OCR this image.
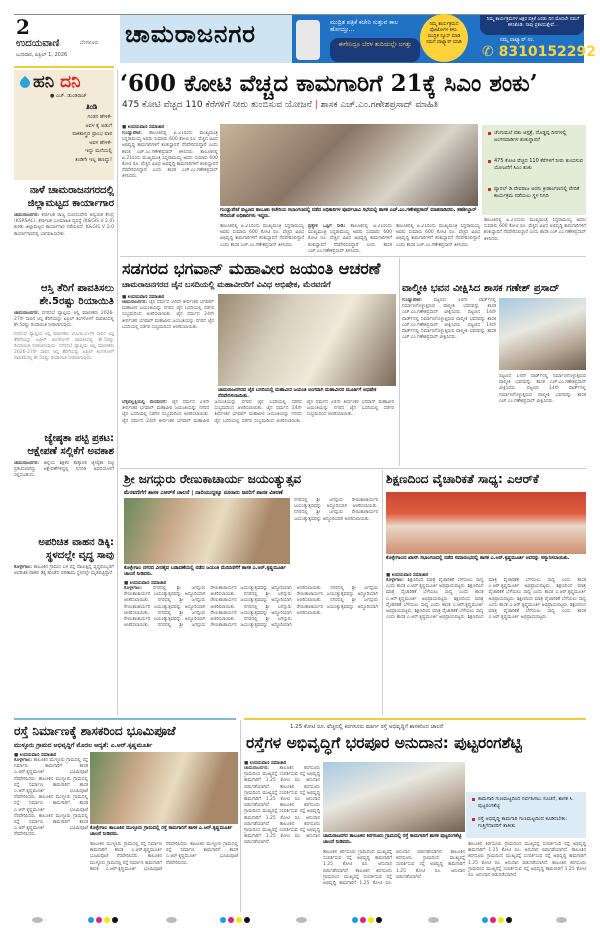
2
ಉದಯವಾಣಿ	ಬೆಂಗಳೂರು
ಬುಧವಾರ, ಏಪ್ರಿಲ್ 1, 2026
ಚಾಮರಾಜನಗರ	ಮುದ್ರಿತ ಪತ್ರಿಕೆ ಕಚೇರಿ ಸುತ್ತುವ ಕಾಲ ಹೋಯ್ತು...
ಈಗೇನಿದ್ರೂ ಬೆರಳ ತುದಿಯಲ್ಲೇ ಜಗತ್ತು
ನಿಮ್ಮ ಕಾರ್ಯಕ್ರಮದ ಫೋಟೋಗಳ ಕಳಿಸಿ. ಮುದ್ರಿತ ನ್ಯೂಸ್ ಮಾಡಿ ನಮಗೆ ವಾಟ್ಸ್ಯಾಪ್ ಮಾಡಿ
ನಿಮ್ಮ ಕಾರ್ಯಕ್ರಮಗಳ ಅಕ್ಷರ ಪತ್ರಿಕೆ ಎರಡು ದಿನ ಮೊದಲೇ ನಮಗೆ ಕಳಿಸಿಕೊಡಿ. ನಾವು ಪ್ರಕಟಿಸುತ್ತೇವೆ...
ನಮ್ಮ ವಾಟ್ಸ್ಯಾಪ್ ನಂ.
✆ 8310152292
ಹನಿ ದನಿ
● ಎಚ್. ಡುಂಡಿರಾಜ್
ತಿಂಡಿ
ಗಂಡನ ಹೇಳಿಕೆ-
ಅವಳ ಕೈ ಅಡುಗೆ
ಪಾಕಶಾಸ್ತ್ರದ ಪ್ರಾಂಭ ಪಾಠ
ಅವಳ ಹೇಳಿಕೆ-
ಇದ್ದು ಮನೆಯಲ್ಲಿ
ತಿಂಡಿಗೇ ಇಲ್ಲ ಹಣದ್ದು!
ನಾಳೆ ಚಾಮರಾಜನಗರದಲ್ಲಿ ಜಿಲ್ಲಾಮಟ್ಟದ ಕಾರ್ಯಾಗಾರ
ಚಾಮರಾಜನಗರ: ಕರ್ನಾಟಕ ರಾಜ್ಯ ದೂರಸಂವೇದಿ ಅನ್ವಯಿಕ ಕೇಂದ್ರ (KSRSAC), ಕರ್ನಾಟಕ ಭೂಮಾಹಿತಿ ವ್ಯವಸ್ಥೆ (K&GIS V 2.0) ಕುರಿತು ಜಿಲ್ಲಾಮಟ್ಟದ ಕಾರ್ಯಾಗಾರ ನಡೆಯಲಿದೆ. K&GIS V 2.0 ಕಾರ್ಯಾಗಾರದಲ್ಲಿ ಭಾಗವಹಿಸಬೇಕು.
ಆಸ್ತಿ ತೆರಿಗೆ ಪಾವತಿಸಲು ಶೇ.5ರಷ್ಟು ರಿಯಾಯಿತಿ
ಚಾಮರಾಜನಗರ: ನಗರಸಭೆ ವ್ಯಾಪ್ತಿಯ ಆಸ್ತಿ ಮಾಲೀಕರು 2026-27ನೇ ಸಾಲಿನ ಆಸ್ತಿ ತೆರಿಗೆಯನ್ನು ಏಪ್ರಿಲ್ ತಿಂಗಳೊಳಗೆ ಪಾವತಿಸಿದಲ್ಲಿ ಶೇ.5ರಷ್ಟು ರಿಯಾಯಿತಿ ನೀಡಲಾಗುವುದು.
ನಗರಸಭೆ ವ್ಯಾಪ್ತಿಯ ಆಸ್ತಿ ಮಾಲೀಕರು 2026-27ನೇ ಸಾಲಿನ ಆಸ್ತಿ ತೆರಿಗೆಯನ್ನು ಏಪ್ರಿಲ್ ತಿಂಗಳೊಳಗೆ ಪಾವತಿಸಿದಲ್ಲಿ ಶೇ.5ರಷ್ಟು ರಿಯಾಯಿತಿ ನೀಡಲಾಗುವುದು. ನಗರಸಭೆ ವ್ಯಾಪ್ತಿಯ ಆಸ್ತಿ ಮಾಲೀಕರು 2026-27ನೇ ಸಾಲಿನ ಆಸ್ತಿ ತೆರಿಗೆಯನ್ನು ಏಪ್ರಿಲ್ ತಿಂಗಳೊಳಗೆ ಪಾವತಿಸಿದಲ್ಲಿ ಶೇ.5ರಷ್ಟು ರಿಯಾಯಿತಿ ನೀಡಲಾಗುವುದು.
ಜ್ಯೇಷ್ಠತಾ ಪಟ್ಟಿ ಪ್ರಕಟ: ಆಕ್ಷೇಪಣೆ ಸಲ್ಲಿಕೆಗೆ ಅವಕಾಶ
ಚಾಮರಾಜನಗರ: ಜಿಲ್ಲೆಯ ಶಿಕ್ಷಕರ ತಾತ್ಕಾಲಿಕ ಜ್ಯೇಷ್ಠತಾ ಪಟ್ಟಿ ಪ್ರಕಟಿಸಲಾಗಿದ್ದು ಆಕ್ಷೇಪಣೆಗಳಿದ್ದಲ್ಲಿ ನಿಗದಿತ ಅವಧಿಯೊಳಗೆ ಸಲ್ಲಿಸಬಹುದು.
ಅಪರಿಚಿತ ವಾಹನ ಡಿಕ್ಕಿ: ಸ್ಥಳದಲ್ಲೇ ವೃದ್ಧ ಸಾವು
ಕೊಳ್ಳೇಗಾಲ: ತಾಲೂಕಿನ ಗ್ರಾಮದ ಬಳಿ ರಸ್ತೆ ದಾಟುತ್ತಿದ್ದ ವೃದ್ಧರೊಬ್ಬರಿಗೆ ಅಪರಿಚಿತ ವಾಹನ ಡಿಕ್ಕಿ ಹೊಡೆದ ಪರಿಣಾಮ ಸ್ಥಳದಲ್ಲೇ ಮೃತಪಟ್ಟಿದ್ದಾರೆ.
‘600 ಕೋಟಿ ವೆಚ್ಚದ ಕಾಮಗಾರಿಗೆ 21ಕ್ಕೆ ಸಿಎಂ ಶಂಕು’
475 ಕೋಟಿ ವೆಚ್ಚದ 110 ಕೆರೆಗಳಿಗೆ ನೀರು ತುಂಬಿಸುವ ಯೋಜನೆ | ಶಾಸಕ ಎಚ್.ಎಂ.ಗಣೇಶಪ್ರಸಾದ್ ಮಾಹಿತಿ
■ ಉದಯವಾಣಿ ಸಮಾಚಾರ
ಗುಂಡ್ಲುಪೇಟೆ: ತಾಲೂಕಿನಲ್ಲಿ ಏ.21ರಂದು ಮುಖ್ಯಮಂತ್ರಿ ಸಿದ್ದರಾಮಯ್ಯ ಅವರು ಸುಮಾರು 600 ಕೋಟಿ ರೂ. ವೆಚ್ಚದ ವಿವಿಧ ಅಭಿವೃದ್ಧಿ ಕಾಮಗಾರಿಗಳಿಗೆ ಶಂಕುಸ್ಥಾಪನೆ ನೆರವೇರಿಸಲಿದ್ದಾರೆ ಎಂದು ಶಾಸಕ ಎಚ್.ಎಂ.ಗಣೇಶಪ್ರಸಾದ್ ತಿಳಿಸಿದರು. ತಾಲೂಕಿನಲ್ಲಿ ಏ.21ರಂದು ಮುಖ್ಯಮಂತ್ರಿ ಸಿದ್ದರಾಮಯ್ಯ ಅವರು ಸುಮಾರು 600 ಕೋಟಿ ರೂ. ವೆಚ್ಚದ ವಿವಿಧ ಅಭಿವೃದ್ಧಿ ಕಾಮಗಾರಿಗಳಿಗೆ ಶಂಕುಸ್ಥಾಪನೆ ನೆರವೇರಿಸಲಿದ್ದಾರೆ ಎಂದು ಶಾಸಕ ಎಚ್.ಎಂ.ಗಣೇಶಪ್ರಸಾದ್ ತಿಳಿಸಿದರು.
ಗುಂಡ್ಲುಪೇಟೆ ಪಟ್ಟಣದ ತಾಲೂಕು ಕಚೇರಿಯ ಸಭಾಂಗಣದಲ್ಲಿ ನಡೆದ ಅಧಿಕಾರಿಗಳ ಪೂರ್ವಭಾವಿ ಸಭೆಯಲ್ಲಿ ಶಾಸಕ ಎಚ್.ಎಂ.ಗಣೇಶಪ್ರಸಾದ್ ಮಾತನಾಡಿದರು. ತಹಶೀಲ್ದಾರ್ ಸೇರಿದಂತೆ ಅಧಿಕಾರಿಗಳು ಇದ್ದರು.
ತಾಲೂಕಿನಲ್ಲಿ ಏ.21ರಂದು ಮುಖ್ಯಮಂತ್ರಿ ಸಿದ್ದರಾಮಯ್ಯ ಅವರು ಸುಮಾರು 600 ಕೋಟಿ ರೂ. ವೆಚ್ಚದ ವಿವಿಧ ಅಭಿವೃದ್ಧಿ ಕಾಮಗಾರಿಗಳಿಗೆ ಶಂಕುಸ್ಥಾಪನೆ ನೆರವೇರಿಸಲಿದ್ದಾರೆ ಎಂದು ಶಾಸಕ ಎಚ್.ಎಂ.ಗಣೇಶಪ್ರಸಾದ್ ತಿಳಿಸಿದರು.
ಪ್ರತ್ಯೇಕ ಒಪ್ಪಿಗೆ ನೀಡಿ: ತಾಲೂಕಿನಲ್ಲಿ ಏ.21ರಂದು ಮುಖ್ಯಮಂತ್ರಿ ಸಿದ್ದರಾಮಯ್ಯ ಅವರು ಸುಮಾರು 600 ಕೋಟಿ ರೂ. ವೆಚ್ಚದ ವಿವಿಧ ಅಭಿವೃದ್ಧಿ ಕಾಮಗಾರಿಗಳಿಗೆ ಶಂಕುಸ್ಥಾಪನೆ ನೆರವೇರಿಸಲಿದ್ದಾರೆ ಎಂದು ಶಾಸಕ ಎಚ್.ಎಂ.ಗಣೇಶಪ್ರಸಾದ್ ತಿಳಿಸಿದರು.
ತಾಲೂಕಿನಲ್ಲಿ ಏ.21ರಂದು ಮುಖ್ಯಮಂತ್ರಿ ಸಿದ್ದರಾಮಯ್ಯ ಅವರು ಸುಮಾರು 600 ಕೋಟಿ ರೂ. ವೆಚ್ಚದ ವಿವಿಧ ಅಭಿವೃದ್ಧಿ ಕಾಮಗಾರಿಗಳಿಗೆ ಶಂಕುಸ್ಥಾಪನೆ ನೆರವೇರಿಸಲಿದ್ದಾರೆ ಎಂದು ಶಾಸಕ ಎಚ್.ಎಂ.ಗಣೇಶಪ್ರಸಾದ್ ತಿಳಿಸಿದರು.
ಚೆಂಗುಮಲೆ ಪಶು ಆಸ್ಪತ್ರೆ, ದೊಡ್ಡಪ್ಪ ದಿನಗಳಲ್ಲಿ ಅಂಗನವಾಡಿಗಳ ಶಂಕುಸ್ಥಾಪನೆ
475 ಕೋಟಿ ವೆಚ್ಚದ 110 ಕೆರೆಗಳಿಗೆ ನೀರು ತುಂಬಿಸುವ ಯೋಜನೆಗೆ ಸಿಎಂ ಶಂಕು
ಪ್ಯಾನಲ್ ಡಿ.ದೇವರಾಜ ಅರಸು ಕ್ರೀಡಾಂಗಣದಲ್ಲಿ ವೇದಿಕೆ ಕಾರ್ಯಕ್ರಮ ನಡೆಯಲು ಸ್ಥಳ ನಿಗದಿ
ತಾಲೂಕಿನಲ್ಲಿ ಏ.21ರಂದು ಮುಖ್ಯಮಂತ್ರಿ ಸಿದ್ದರಾಮಯ್ಯ ಅವರು ಸುಮಾರು 600 ಕೋಟಿ ರೂ. ವೆಚ್ಚದ ವಿವಿಧ ಅಭಿವೃದ್ಧಿ ಕಾಮಗಾರಿಗಳಿಗೆ ಶಂಕುಸ್ಥಾಪನೆ ನೆರವೇರಿಸಲಿದ್ದಾರೆ ಎಂದು ಶಾಸಕ ಎಚ್.ಎಂ.ಗಣೇಶಪ್ರಸಾದ್ ತಿಳಿಸಿದರು.
ಸಡಗರದ ಭಗವಾನ್ ಮಹಾವೀರ ಜಯಂತಿ ಆಚರಣೆ
ಚಾಮರಾಜನಗರದ ಜೈನ ಬಸದಿಯಲ್ಲಿ ಮಹಾವೀರರಿಗೆ ವಿವಿಧ ಅಭಿಷೇಕ, ಮೆರವಣಿಗೆ
■ ಉದಯವಾಣಿ ಸಮಾಚಾರ
ಚಾಮರಾಜನಗರ: ಜೈನ ಧರ್ಮದ 24ನೇ ತೀರ್ಥಂಕರ ಭಗವಾನ್ ಮಹಾವೀರ ಜಯಂತಿಯನ್ನು ನಗರದ ಜೈನ ಬಸದಿಯಲ್ಲಿ ಸಡಗರ ಸಂಭ್ರಮದಿಂದ ಆಚರಿಸಲಾಯಿತು. ಜೈನ ಧರ್ಮದ 24ನೇ ತೀರ್ಥಂಕರ ಭಗವಾನ್ ಮಹಾವೀರ ಜಯಂತಿಯನ್ನು ನಗರದ ಜೈನ ಬಸದಿಯಲ್ಲಿ ಸಡಗರ ಸಂಭ್ರಮದಿಂದ ಆಚರಿಸಲಾಯಿತು.
ಚಾಮರಾಜನಗರದ ಜೈನ ಬಸದಿಯಲ್ಲಿ ಮಹಾವೀರ ಜಯಂತಿ ಅಂಗವಾಗಿ ಮಹಾವೀರರ ಮೂರ್ತಿಗೆ ಅಭಿಷೇಕ ನೆರವೇರಿಸಲಾಯಿತು.
ಬೆಳ್ಳಿಪಲ್ಲಕ್ಕಿಯಲ್ಲಿ ಮೆರವಣಿಗೆ: ಜೈನ ಧರ್ಮದ 24ನೇ ತೀರ್ಥಂಕರ ಭಗವಾನ್ ಮಹಾವೀರ ಜಯಂತಿಯನ್ನು ನಗರದ ಜೈನ ಬಸದಿಯಲ್ಲಿ ಸಡಗರ ಸಂಭ್ರಮದಿಂದ ಆಚರಿಸಲಾಯಿತು. ಜೈನ ಧರ್ಮದ 24ನೇ ತೀರ್ಥಂಕರ ಭಗವಾನ್ ಮಹಾವೀರ ಜಯಂತಿಯನ್ನು ನಗರದ ಜೈನ ಬಸದಿಯಲ್ಲಿ ಸಡಗರ ಸಂಭ್ರಮದಿಂದ ಆಚರಿಸಲಾಯಿತು. ಜೈನ ಧರ್ಮದ 24ನೇ ತೀರ್ಥಂಕರ ಭಗವಾನ್ ಮಹಾವೀರ ಜಯಂತಿಯನ್ನು ನಗರದ ಜೈನ ಬಸದಿಯಲ್ಲಿ ಸಡಗರ ಸಂಭ್ರಮದಿಂದ ಆಚರಿಸಲಾಯಿತು. ಜೈನ ಧರ್ಮದ 24ನೇ ತೀರ್ಥಂಕರ ಭಗವಾನ್ ಮಹಾವೀರ ಜಯಂತಿಯನ್ನು ನಗರದ ಜೈನ ಬಸದಿಯಲ್ಲಿ ಸಡಗರ ಸಂಭ್ರಮದಿಂದ ಆಚರಿಸಲಾಯಿತು.
ವಾಲ್ಮೀಕಿ ಭವನ ವೀಕ್ಷಿಸಿದ ಶಾಸಕ ಗಣೇಶ್ ಪ್ರಸಾದ್
ಗುಂಡ್ಲುಪೇಟೆ:	ಪಟ್ಟಣದ 14ನೇ ವಾರ್ಡ್‌ನಲ್ಲಿ ನಿರ್ಮಾಣಗೊಳ್ಳುತ್ತಿರುವ ವಾಲ್ಮೀಕಿ ಭವನವನ್ನು ಶಾಸಕ ಎಚ್.ಎಂ.ಗಣೇಶಪ್ರಸಾದ್ ವೀಕ್ಷಿಸಿದರು. ಪಟ್ಟಣದ 14ನೇ ವಾರ್ಡ್‌ನಲ್ಲಿ ನಿರ್ಮಾಣಗೊಳ್ಳುತ್ತಿರುವ ವಾಲ್ಮೀಕಿ ಭವನವನ್ನು ಶಾಸಕ ಎಚ್.ಎಂ.ಗಣೇಶಪ್ರಸಾದ್ ವೀಕ್ಷಿಸಿದರು. ಪಟ್ಟಣದ 14ನೇ ವಾರ್ಡ್‌ನಲ್ಲಿ ನಿರ್ಮಾಣಗೊಳ್ಳುತ್ತಿರುವ ವಾಲ್ಮೀಕಿ ಭವನವನ್ನು ಶಾಸಕ ಎಚ್.ಎಂ.ಗಣೇಶಪ್ರಸಾದ್ ವೀಕ್ಷಿಸಿದರು.
ಪಟ್ಟಣದ 14ನೇ ವಾರ್ಡ್‌ನಲ್ಲಿ ನಿರ್ಮಾಣಗೊಳ್ಳುತ್ತಿರುವ ವಾಲ್ಮೀಕಿ ಭವನವನ್ನು ಶಾಸಕ ಎಚ್.ಎಂ.ಗಣೇಶಪ್ರಸಾದ್ ವೀಕ್ಷಿಸಿದರು. ಪಟ್ಟಣದ 14ನೇ ವಾರ್ಡ್‌ನಲ್ಲಿ ನಿರ್ಮಾಣಗೊಳ್ಳುತ್ತಿರುವ ವಾಲ್ಮೀಕಿ ಭವನವನ್ನು ಶಾಸಕ ಎಚ್.ಎಂ.ಗಣೇಶಪ್ರಸಾದ್ ವೀಕ್ಷಿಸಿದರು.
ಶ್ರೀ ಜಗದ್ಗುರು ರೇಣುಕಾಚಾರ್ಯ ಜಯಂತ್ಯುತ್ಸವ
ಮೆರವಣಿಗೆಗೆ ಶಾಸಕ ಎಆರ್‌ಕೆ ಚಾಲನೆ | ದಾರಿಯುದ್ದಕ್ಕೂ ನೂರಾರು ಜನರಿಗೆ ಪಾನಕ ವಿತರಣೆ
ಕೊಳ್ಳೇಗಾಲ ನಗರದ ವೀರಶೈವ ಬಡಾವಣೆಯಲ್ಲಿ ನಡೆದ ಜಯಂತಿ ಮೆರವಣಿಗೆಗೆ ಶಾಸಕ ಎ.ಆರ್.ಕೃಷ್ಣಮೂರ್ತಿ ಚಾಲನೆ ನೀಡಿದರು.
ನಗರದಲ್ಲಿ ಶ್ರೀ ಜಗದ್ಗುರು ರೇಣುಕಾಚಾರ್ಯರ ಜಯಂತ್ಯುತ್ಸವವನ್ನು ಅದ್ದೂರಿಯಾಗಿ ಆಚರಿಸಲಾಯಿತು. ನಗರದಲ್ಲಿ ಶ್ರೀ ಜಗದ್ಗುರು ರೇಣುಕಾಚಾರ್ಯರ ಜಯಂತ್ಯುತ್ಸವವನ್ನು ಅದ್ದೂರಿಯಾಗಿ ಆಚರಿಸಲಾಯಿತು.
■ ಉದಯವಾಣಿ ಸಮಾಚಾರ
ಕೊಳ್ಳೇಗಾಲ: ನಗರದಲ್ಲಿ ಶ್ರೀ ಜಗದ್ಗುರು ರೇಣುಕಾಚಾರ್ಯರ ಜಯಂತ್ಯುತ್ಸವವನ್ನು ಅದ್ದೂರಿಯಾಗಿ ಆಚರಿಸಲಾಯಿತು. ನಗರದಲ್ಲಿ ಶ್ರೀ ಜಗದ್ಗುರು ರೇಣುಕಾಚಾರ್ಯರ ಜಯಂತ್ಯುತ್ಸವವನ್ನು ಅದ್ದೂರಿಯಾಗಿ ಆಚರಿಸಲಾಯಿತು. ನಗರದಲ್ಲಿ ಶ್ರೀ ಜಗದ್ಗುರು ರೇಣುಕಾಚಾರ್ಯರ ಜಯಂತ್ಯುತ್ಸವವನ್ನು ಅದ್ದೂರಿಯಾಗಿ ಆಚರಿಸಲಾಯಿತು. ನಗರದಲ್ಲಿ ಶ್ರೀ ಜಗದ್ಗುರು ರೇಣುಕಾಚಾರ್ಯರ ಜಯಂತ್ಯುತ್ಸವವನ್ನು ಅದ್ದೂರಿಯಾಗಿ ಆಚರಿಸಲಾಯಿತು. ನಗರದಲ್ಲಿ ಶ್ರೀ ಜಗದ್ಗುರು ರೇಣುಕಾಚಾರ್ಯರ ಜಯಂತ್ಯುತ್ಸವವನ್ನು ಅದ್ದೂರಿಯಾಗಿ ಆಚರಿಸಲಾಯಿತು. ನಗರದಲ್ಲಿ ಶ್ರೀ ಜಗದ್ಗುರು ರೇಣುಕಾಚಾರ್ಯರ ಜಯಂತ್ಯುತ್ಸವವನ್ನು ಅದ್ದೂರಿಯಾಗಿ ಆಚರಿಸಲಾಯಿತು. ನಗರದಲ್ಲಿ ಶ್ರೀ ಜಗದ್ಗುರು ರೇಣುಕಾಚಾರ್ಯರ ಜಯಂತ್ಯುತ್ಸವವನ್ನು ಅದ್ದೂರಿಯಾಗಿ ಆಚರಿಸಲಾಯಿತು. ನಗರದಲ್ಲಿ ಶ್ರೀ ಜಗದ್ಗುರು ರೇಣುಕಾಚಾರ್ಯರ ಜಯಂತ್ಯುತ್ಸವವನ್ನು ಅದ್ದೂರಿಯಾಗಿ ಆಚರಿಸಲಾಯಿತು. ನಗರದಲ್ಲಿ ಶ್ರೀ ಜಗದ್ಗುರು ರೇಣುಕಾಚಾರ್ಯರ ಜಯಂತ್ಯುತ್ಸವವನ್ನು ಅದ್ದೂರಿಯಾಗಿ ಆಚರಿಸಲಾಯಿತು.
ಶಿಕ್ಷಣದಿಂದ ವೈಚಾರಿಕತೆ ಸಾಧ್ಯ: ಎಆರ್‌ಕೆ
ಕೊಳ್ಳೇಗಾಲದ ಖಾಸಗಿ ಸಭಾಂಗಣದಲ್ಲಿ ನಡೆದ ಸಮಾರಂಭದಲ್ಲಿ ಶಾಸಕ ಎ.ಆರ್.ಕೃಷ್ಣಮೂರ್ತಿ ಅವರನ್ನು ಸನ್ಮಾನಿಸಲಾಯಿತು.
■ ಉದಯವಾಣಿ ಸಮಾಚಾರ
ಕೊಳ್ಳೇಗಾಲ: ಶಿಕ್ಷಣದಿಂದ ಮಾತ್ರ ವೈಚಾರಿಕತೆ ಬೆಳೆಯಲು ಸಾಧ್ಯ ಎಂದು ಶಾಸಕ ಎ.ಆರ್.ಕೃಷ್ಣಮೂರ್ತಿ ಅಭಿಪ್ರಾಯಪಟ್ಟರು. ಶಿಕ್ಷಣದಿಂದ ಮಾತ್ರ ವೈಚಾರಿಕತೆ ಬೆಳೆಯಲು ಸಾಧ್ಯ ಎಂದು ಶಾಸಕ ಎ.ಆರ್.ಕೃಷ್ಣಮೂರ್ತಿ ಅಭಿಪ್ರಾಯಪಟ್ಟರು. ಶಿಕ್ಷಣದಿಂದ ಮಾತ್ರ ವೈಚಾರಿಕತೆ ಬೆಳೆಯಲು ಸಾಧ್ಯ ಎಂದು ಶಾಸಕ ಎ.ಆರ್.ಕೃಷ್ಣಮೂರ್ತಿ ಅಭಿಪ್ರಾಯಪಟ್ಟರು. ಶಿಕ್ಷಣದಿಂದ ಮಾತ್ರ ವೈಚಾರಿಕತೆ ಬೆಳೆಯಲು ಸಾಧ್ಯ ಎಂದು ಶಾಸಕ ಎ.ಆರ್.ಕೃಷ್ಣಮೂರ್ತಿ ಅಭಿಪ್ರಾಯಪಟ್ಟರು. ಶಿಕ್ಷಣದಿಂದ ಮಾತ್ರ ವೈಚಾರಿಕತೆ ಬೆಳೆಯಲು ಸಾಧ್ಯ ಎಂದು ಶಾಸಕ ಎ.ಆರ್.ಕೃಷ್ಣಮೂರ್ತಿ ಅಭಿಪ್ರಾಯಪಟ್ಟರು. ಶಿಕ್ಷಣದಿಂದ ಮಾತ್ರ ವೈಚಾರಿಕತೆ ಬೆಳೆಯಲು ಸಾಧ್ಯ ಎಂದು ಶಾಸಕ ಎ.ಆರ್.ಕೃಷ್ಣಮೂರ್ತಿ ಅಭಿಪ್ರಾಯಪಟ್ಟರು. ಶಿಕ್ಷಣದಿಂದ ಮಾತ್ರ ವೈಚಾರಿಕತೆ ಬೆಳೆಯಲು ಸಾಧ್ಯ ಎಂದು ಶಾಸಕ ಎ.ಆರ್.ಕೃಷ್ಣಮೂರ್ತಿ ಅಭಿಪ್ರಾಯಪಟ್ಟರು. ಶಿಕ್ಷಣದಿಂದ ಮಾತ್ರ ವೈಚಾರಿಕತೆ ಬೆಳೆಯಲು ಸಾಧ್ಯ ಎಂದು ಶಾಸಕ ಎ.ಆರ್.ಕೃಷ್ಣಮೂರ್ತಿ ಅಭಿಪ್ರಾಯಪಟ್ಟರು.
ರಸ್ತೆ ನಿರ್ಮಾಣಕ್ಕೆ ಶಾಸಕರಿಂದ ಭೂಮಿಪೂಜೆ
ಮುಳ್ಳೂರು ಗ್ರಾಮದ ಅಭಿವೃದ್ಧಿಗೆ ಮೊದಲ ಆದ್ಯತೆ: ಎ.ಆರ್.ಕೃಷ್ಣಮೂರ್ತಿ
■ ಉದಯವಾಣಿ ಸಮಾಚಾರ
ಕೊಳ್ಳೇಗಾಲ: ತಾಲೂಕಿನ ಮುಳ್ಳೂರು ಗ್ರಾಮದಲ್ಲಿ ರಸ್ತೆ ನಿರ್ಮಾಣ ಕಾಮಗಾರಿಗೆ ಶಾಸಕ ಎ.ಆರ್.ಕೃಷ್ಣಮೂರ್ತಿ ಭೂಮಿಪೂಜೆ ನೆರವೇರಿಸಿದರು. ತಾಲೂಕಿನ ಮುಳ್ಳೂರು ಗ್ರಾಮದಲ್ಲಿ ರಸ್ತೆ ನಿರ್ಮಾಣ ಕಾಮಗಾರಿಗೆ ಶಾಸಕ ಎ.ಆರ್.ಕೃಷ್ಣಮೂರ್ತಿ ಭೂಮಿಪೂಜೆ ನೆರವೇರಿಸಿದರು. ತಾಲೂಕಿನ ಮುಳ್ಳೂರು ಗ್ರಾಮದಲ್ಲಿ ರಸ್ತೆ ನಿರ್ಮಾಣ ಕಾಮಗಾರಿಗೆ ಶಾಸಕ ಎ.ಆರ್.ಕೃಷ್ಣಮೂರ್ತಿ ಭೂಮಿಪೂಜೆ ನೆರವೇರಿಸಿದರು. ತಾಲೂಕಿನ ಮುಳ್ಳೂರು ಗ್ರಾಮದಲ್ಲಿ ರಸ್ತೆ ನಿರ್ಮಾಣ ಕಾಮಗಾರಿಗೆ ಶಾಸಕ ಎ.ಆರ್.ಕೃಷ್ಣಮೂರ್ತಿ ಭೂಮಿಪೂಜೆ ನೆರವೇರಿಸಿದರು.
ಕೊಳ್ಳೇಗಾಲ ತಾಲೂಕಿನ ಮುಳ್ಳೂರು ಗ್ರಾಮದಲ್ಲಿ ರಸ್ತೆ ಕಾಮಗಾರಿಗೆ ಶಾಸಕ ಎ.ಆರ್.ಕೃಷ್ಣಮೂರ್ತಿ ಚಾಲನೆ ನೀಡಿದರು.
ತಾಲೂಕಿನ ಮುಳ್ಳೂರು ಗ್ರಾಮದಲ್ಲಿ ರಸ್ತೆ ನಿರ್ಮಾಣ ಕಾಮಗಾರಿಗೆ ಶಾಸಕ ಎ.ಆರ್.ಕೃಷ್ಣಮೂರ್ತಿ ಭೂಮಿಪೂಜೆ ನೆರವೇರಿಸಿದರು. ತಾಲೂಕಿನ ಮುಳ್ಳೂರು ಗ್ರಾಮದಲ್ಲಿ ರಸ್ತೆ ನಿರ್ಮಾಣ ಕಾಮಗಾರಿಗೆ ಶಾಸಕ ಎ.ಆರ್.ಕೃಷ್ಣಮೂರ್ತಿ ಭೂಮಿಪೂಜೆ ನೆರವೇರಿಸಿದರು. ತಾಲೂಕಿನ ಮುಳ್ಳೂರು ಗ್ರಾಮದಲ್ಲಿ ರಸ್ತೆ ನಿರ್ಮಾಣ ಕಾಮಗಾರಿಗೆ ಶಾಸಕ ಎ.ಆರ್.ಕೃಷ್ಣಮೂರ್ತಿ ಭೂಮಿಪೂಜೆ ನೆರವೇರಿಸಿದರು.
1.25 ಕೋಟಿ ರೂ. ವೆಚ್ಚದಲ್ಲಿ ಕಿರಗಸೂರು ಮಾರ್ಗ ರಸ್ತೆ ಅಭಿವೃದ್ಧಿಗೆ ಶಾಸಕರಿಂದ ಚಾಲನೆ
ರಸ್ತೆಗಳ ಅಭಿವೃದ್ಧಿಗೆ ಭರಪೂರ ಅನುದಾನ: ಪುಟ್ಟರಂಗಶೆಟ್ಟಿ
■ ಉದಯವಾಣಿ ಸಮಾಚಾರ
ಚಾಮರಾಜನಗರ: ತಾಲೂಕಿನ ಕಿರಗಸೂರು ಗ್ರಾಮದಿಂದ ಮುಖ್ಯರಸ್ತೆ ಸಂಪರ್ಕಿಸುವ ರಸ್ತೆ ಅಭಿವೃದ್ಧಿ ಕಾಮಗಾರಿಗೆ 1.25 ಕೋಟಿ ರೂ. ಅನುದಾನ ಬಿಡುಗಡೆಯಾಗಿದೆ. ತಾಲೂಕಿನ ಕಿರಗಸೂರು ಗ್ರಾಮದಿಂದ ಮುಖ್ಯರಸ್ತೆ ಸಂಪರ್ಕಿಸುವ ರಸ್ತೆ ಅಭಿವೃದ್ಧಿ ಕಾಮಗಾರಿಗೆ 1.25 ಕೋಟಿ ರೂ. ಅನುದಾನ ಬಿಡುಗಡೆಯಾಗಿದೆ. ತಾಲೂಕಿನ ಕಿರಗಸೂರು ಗ್ರಾಮದಿಂದ ಮುಖ್ಯರಸ್ತೆ ಸಂಪರ್ಕಿಸುವ ರಸ್ತೆ ಅಭಿವೃದ್ಧಿ ಕಾಮಗಾರಿಗೆ 1.25 ಕೋಟಿ ರೂ. ಅನುದಾನ ಬಿಡುಗಡೆಯಾಗಿದೆ. ತಾಲೂಕಿನ ಕಿರಗಸೂರು ಗ್ರಾಮದಿಂದ ಮುಖ್ಯರಸ್ತೆ ಸಂಪರ್ಕಿಸುವ ರಸ್ತೆ ಅಭಿವೃದ್ಧಿ ಕಾಮಗಾರಿಗೆ 1.25 ಕೋಟಿ ರೂ. ಅನುದಾನ ಬಿಡುಗಡೆಯಾಗಿದೆ.
ಚಾಮರಾಜನಗರ ತಾಲೂಕಿನ ಕಿರಗಸೂರು ಗ್ರಾಮದಲ್ಲಿ ರಸ್ತೆ ಕಾಮಗಾರಿಗೆ ಶಾಸಕ ಪುಟ್ಟರಂಗಶೆಟ್ಟಿ ಚಾಲನೆ ನೀಡಿದರು.
ತಾಲೂಕಿನ ಕಿರಗಸೂರು ಗ್ರಾಮದಿಂದ ಮುಖ್ಯರಸ್ತೆ ಸಂಪರ್ಕಿಸುವ ರಸ್ತೆ ಅಭಿವೃದ್ಧಿ ಕಾಮಗಾರಿಗೆ 1.25 ಕೋಟಿ ರೂ. ಅನುದಾನ ಬಿಡುಗಡೆಯಾಗಿದೆ. ತಾಲೂಕಿನ ಕಿರಗಸೂರು ಗ್ರಾಮದಿಂದ ಮುಖ್ಯರಸ್ತೆ ಸಂಪರ್ಕಿಸುವ ರಸ್ತೆ ಅಭಿವೃದ್ಧಿ ಕಾಮಗಾರಿಗೆ 1.25 ಕೋಟಿ ರೂ. ಅನುದಾನ ಬಿಡುಗಡೆಯಾಗಿದೆ. ತಾಲೂಕಿನ ಕಿರಗಸೂರು ಗ್ರಾಮದಿಂದ ಮುಖ್ಯರಸ್ತೆ ಸಂಪರ್ಕಿಸುವ ರಸ್ತೆ ಅಭಿವೃದ್ಧಿ ಕಾಮಗಾರಿಗೆ 1.25 ಕೋಟಿ ರೂ. ಅನುದಾನ ಬಿಡುಗಡೆಯಾಗಿದೆ.
ಕಾಮಗಾರಿ ಗುಣಮಟ್ಟದಿಂದ ನಿರ್ವಹಿಸಲು ಸೂಚನೆ, ಶಾಸಕ ಸಿ. ಪುಟ್ಟರಂಗಶೆಟ್ಟಿ
ರಸ್ತೆ ಅಭಿವೃದ್ಧಿ ಕಾಮಗಾರಿ ಗುಣಮಟ್ಟದಿಂದ ಕೂಡಿರಬೇಕು: ಗುತ್ತಿಗೆದಾರರಿಗೆ ತಾಕೀತು
ತಾಲೂಕಿನ ಕಿರಗಸೂರು ಗ್ರಾಮದಿಂದ ಮುಖ್ಯರಸ್ತೆ ಸಂಪರ್ಕಿಸುವ ರಸ್ತೆ ಅಭಿವೃದ್ಧಿ ಕಾಮಗಾರಿಗೆ 1.25 ಕೋಟಿ ರೂ. ಅನುದಾನ ಬಿಡುಗಡೆಯಾಗಿದೆ. ತಾಲೂಕಿನ ಕಿರಗಸೂರು ಗ್ರಾಮದಿಂದ ಮುಖ್ಯರಸ್ತೆ ಸಂಪರ್ಕಿಸುವ ರಸ್ತೆ ಅಭಿವೃದ್ಧಿ ಕಾಮಗಾರಿಗೆ 1.25 ಕೋಟಿ ರೂ. ಅನುದಾನ ಬಿಡುಗಡೆಯಾಗಿದೆ. ತಾಲೂಕಿನ ಕಿರಗಸೂರು ಗ್ರಾಮದಿಂದ ಮುಖ್ಯರಸ್ತೆ ಸಂಪರ್ಕಿಸುವ ರಸ್ತೆ ಅಭಿವೃದ್ಧಿ ಕಾಮಗಾರಿಗೆ 1.25 ಕೋಟಿ ರೂ. ಅನುದಾನ ಬಿಡುಗಡೆಯಾಗಿದೆ.
